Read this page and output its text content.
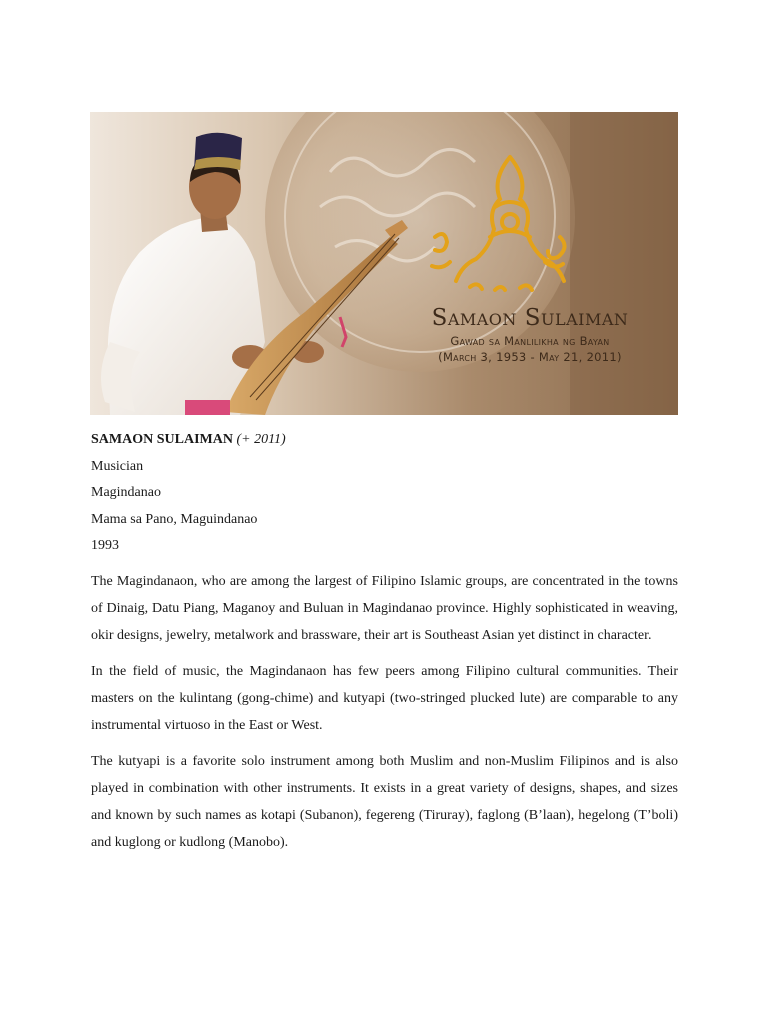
Samaon Sulaiman
Gawad sa Manlilikha ng Bayan
(March 3, 1953 - May 21, 2011)

SAMAON SULAIMAN (+ 2011)

Musician

Magindanao

Mama sa Pano, Maguindanao

1993

The Magindanaon, who are among the largest of Filipino Islamic groups, are concentrated in the towns of Dinaig, Datu Piang, Maganoy and Buluan in Magindanao province. Highly sophisticated in weaving, okir designs, jewelry, metalwork and brassware, their art is Southeast Asian yet distinct in character.

In the field of music, the Magindanaon has few peers among Filipino cultural communities. Their masters on the kulintang (gong-chime) and kutyapi (two-stringed plucked lute) are comparable to any instrumental virtuoso in the East or West.

The kutyapi is a favorite solo instrument among both Muslim and non-Muslim Filipinos and is also played in combination with other instruments. It exists in a great variety of designs, shapes, and sizes and known by such names as kotapi (Subanon), fegereng (Tiruray), faglong (B’laan), hegelong (T’boli) and kuglong or kudlong (Manobo).
